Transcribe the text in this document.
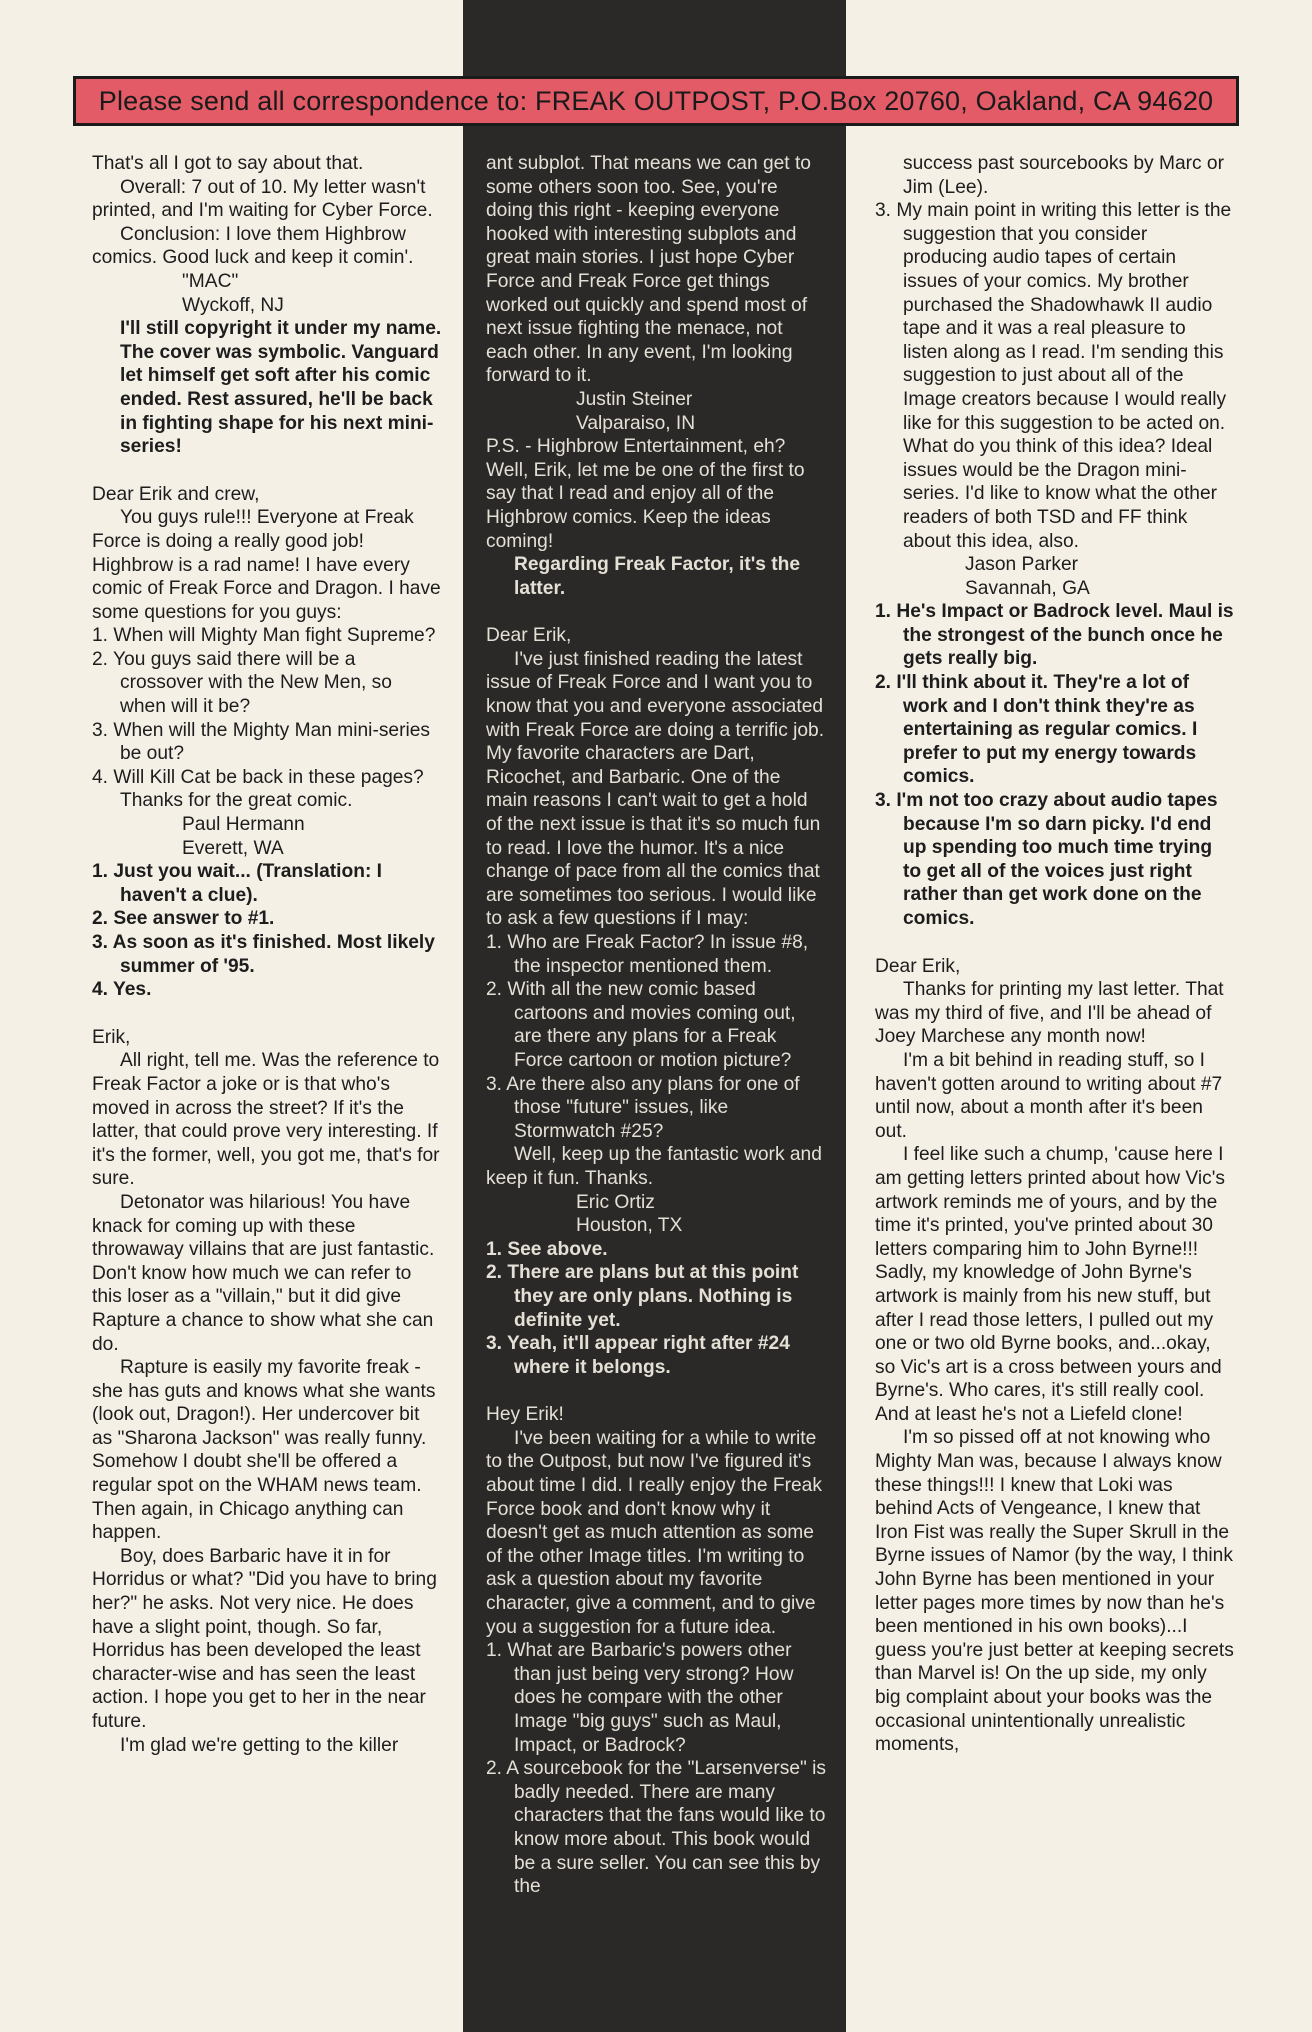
Please send all correspondence to: FREAK OUTPOST, P.O.Box 20760, Oakland, CA 94620
That's all I got to say about that.
Overall: 7 out of 10. My letter wasn't printed, and I'm waiting for Cyber Force.
Conclusion: I love them Highbrow comics. Good luck and keep it comin'.
"MAC"
Wyckoff, NJ
I'll still copyright it under my name.
The cover was symbolic. Vanguard let himself get soft after his comic ended. Rest assured, he'll be back in fighting shape for his next mini-series!
Dear Erik and crew,
You guys rule!!! Everyone at Freak Force is doing a really good job! Highbrow is a rad name! I have every comic of Freak Force and Dragon. I have some questions for you guys:
1. When will Mighty Man fight Supreme?
2. You guys said there will be a crossover with the New Men, so when will it be?
3. When will the Mighty Man mini-series be out?
4. Will Kill Cat be back in these pages?
Thanks for the great comic.
Paul Hermann
Everett, WA
1. Just you wait... (Translation: I haven't a clue).
2. See answer to #1.
3. As soon as it's finished. Most likely summer of '95.
4. Yes.
Erik,
All right, tell me. Was the reference to Freak Factor a joke or is that who's moved in across the street? If it's the latter, that could prove very interesting. If it's the former, well, you got me, that's for sure.
Detonator was hilarious! You have knack for coming up with these throwaway villains that are just fantastic. Don't know how much we can refer to this loser as a "villain," but it did give Rapture a chance to show what she can do.
Rapture is easily my favorite freak - she has guts and knows what she wants (look out, Dragon!). Her undercover bit as "Sharona Jackson" was really funny. Somehow I doubt she'll be offered a regular spot on the WHAM news team. Then again, in Chicago anything can happen.
Boy, does Barbaric have it in for Horridus or what? "Did you have to bring her?" he asks. Not very nice. He does have a slight point, though. So far, Horridus has been developed the least character-wise and has seen the least action. I hope you get to her in the near future.
I'm glad we're getting to the killer
ant subplot. That means we can get to some others soon too. See, you're doing this right - keeping everyone hooked with interesting subplots and great main stories. I just hope Cyber Force and Freak Force get things worked out quickly and spend most of next issue fighting the menace, not each other. In any event, I'm looking forward to it.
Justin Steiner
Valparaiso, IN
P.S. - Highbrow Entertainment, eh? Well, Erik, let me be one of the first to say that I read and enjoy all of the Highbrow comics. Keep the ideas coming!
Regarding Freak Factor, it's the latter.
Dear Erik,
I've just finished reading the latest issue of Freak Force and I want you to know that you and everyone associated with Freak Force are doing a terrific job. My favorite characters are Dart, Ricochet, and Barbaric. One of the main reasons I can't wait to get a hold of the next issue is that it's so much fun to read. I love the humor. It's a nice change of pace from all the comics that are sometimes too serious. I would like to ask a few questions if I may:
1. Who are Freak Factor? In issue #8, the inspector mentioned them.
2. With all the new comic based cartoons and movies coming out, are there any plans for a Freak Force cartoon or motion picture?
3. Are there also any plans for one of those "future" issues, like Stormwatch #25?
Well, keep up the fantastic work and keep it fun. Thanks.
Eric Ortiz
Houston, TX
1. See above.
2. There are plans but at this point they are only plans. Nothing is definite yet.
3. Yeah, it'll appear right after #24 where it belongs.
Hey Erik!
I've been waiting for a while to write to the Outpost, but now I've figured it's about time I did. I really enjoy the Freak Force book and don't know why it doesn't get as much attention as some of the other Image titles. I'm writing to ask a question about my favorite character, give a comment, and to give you a suggestion for a future idea.
1. What are Barbaric's powers other than just being very strong? How does he compare with the other Image "big guys" such as Maul, Impact, or Badrock?
2. A sourcebook for the "Larsenverse" is badly needed. There are many characters that the fans would like to know more about. This book would be a sure seller. You can see this by the
success past sourcebooks by Marc or Jim (Lee).
3. My main point in writing this letter is the suggestion that you consider producing audio tapes of certain issues of your comics. My brother purchased the Shadowhawk II audio tape and it was a real pleasure to listen along as I read. I'm sending this suggestion to just about all of the Image creators because I would really like for this suggestion to be acted on. What do you think of this idea? Ideal issues would be the Dragon mini-series. I'd like to know what the other readers of both TSD and FF think about this idea, also.
Jason Parker
Savannah, GA
1. He's Impact or Badrock level. Maul is the strongest of the bunch once he gets really big.
2. I'll think about it. They're a lot of work and I don't think they're as entertaining as regular comics. I prefer to put my energy towards comics.
3. I'm not too crazy about audio tapes because I'm so darn picky. I'd end up spending too much time trying to get all of the voices just right rather than get work done on the comics.
Dear Erik,
Thanks for printing my last letter. That was my third of five, and I'll be ahead of Joey Marchese any month now!
I'm a bit behind in reading stuff, so I haven't gotten around to writing about #7 until now, about a month after it's been out.
I feel like such a chump, 'cause here I am getting letters printed about how Vic's artwork reminds me of yours, and by the time it's printed, you've printed about 30 letters comparing him to John Byrne!!! Sadly, my knowledge of John Byrne's artwork is mainly from his new stuff, but after I read those letters, I pulled out my one or two old Byrne books, and...okay, so Vic's art is a cross between yours and Byrne's. Who cares, it's still really cool. And at least he's not a Liefeld clone!
I'm so pissed off at not knowing who Mighty Man was, because I always know these things!!! I knew that Loki was behind Acts of Vengeance, I knew that Iron Fist was really the Super Skrull in the Byrne issues of Namor (by the way, I think John Byrne has been mentioned in your letter pages more times by now than he's been mentioned in his own books)...I guess you're just better at keeping secrets than Marvel is! On the up side, my only big complaint about your books was the occasional unintentionally unrealistic moments,
